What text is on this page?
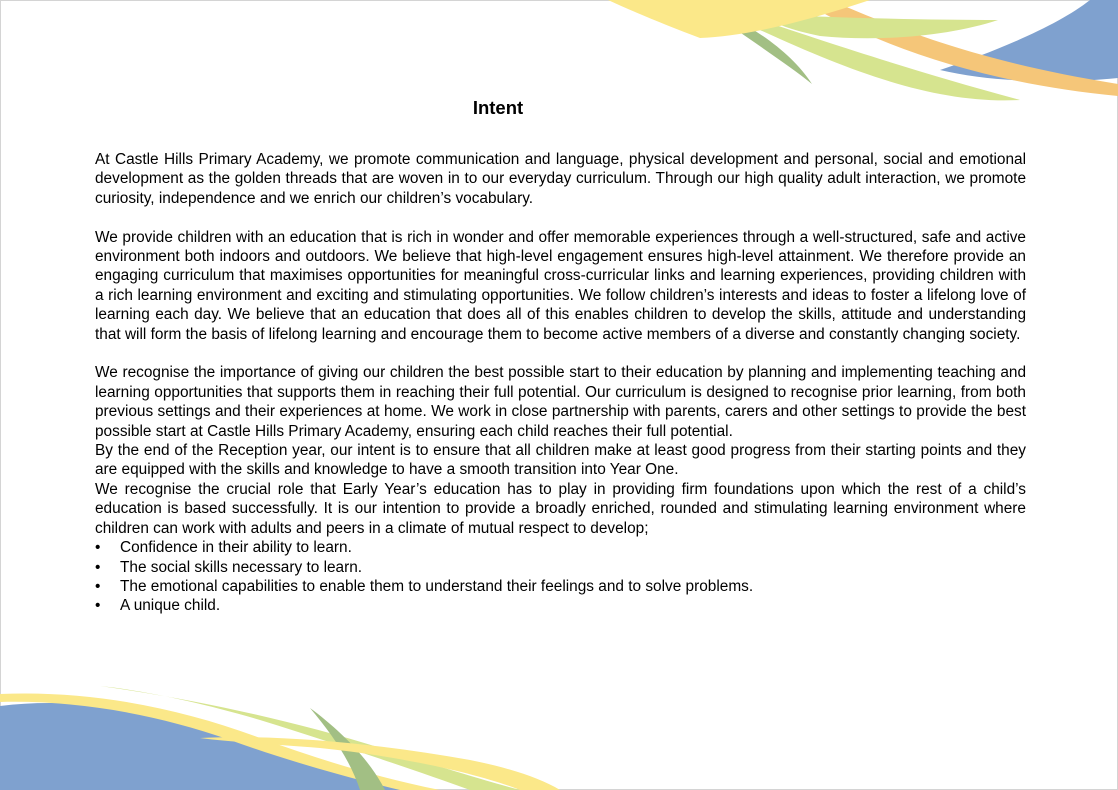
Intent

At Castle Hills Primary Academy, we promote communication and language, physical development and personal, social and emotional development as the golden threads that are woven in to our everyday curriculum. Through our high quality adult interaction, we promote curiosity, independence and we enrich our children’s vocabulary.

We provide children with an education that is rich in wonder and offer memorable experiences through a well-structured, safe and active environment both indoors and outdoors. We believe that high-level engagement ensures high-level attainment. We therefore provide an engaging curriculum that maximises opportunities for meaningful cross-curricular links and learning experiences, providing children with a rich learning environment and exciting and stimulating opportunities. We follow children’s interests and ideas to foster a lifelong love of learning each day. We believe that an education that does all of this enables children to develop the skills, attitude and understanding that will form the basis of lifelong learning and encourage them to become active members of a diverse and constantly changing society.

We recognise the importance of giving our children the best possible start to their education by planning and implementing teaching and learning opportunities that supports them in reaching their full potential. Our curriculum is designed to recognise prior learning, from both previous settings and their experiences at home. We work in close partnership with parents, carers and other settings to provide the best possible start at Castle Hills Primary Academy, ensuring each child reaches their full potential.

By the end of the Reception year, our intent is to ensure that all children make at least good progress from their starting points and they are equipped with the skills and knowledge to have a smooth transition into Year One.

We recognise the crucial role that Early Year’s education has to play in providing firm foundations upon which the rest of a child’s education is based successfully. It is our intention to provide a broadly enriched, rounded and stimulating learning environment where children can work with adults and peers in a climate of mutual respect to develop;

• Confidence in their ability to learn.
• The social skills necessary to learn.
• The emotional capabilities to enable them to understand their feelings and to solve problems.
• A unique child.
